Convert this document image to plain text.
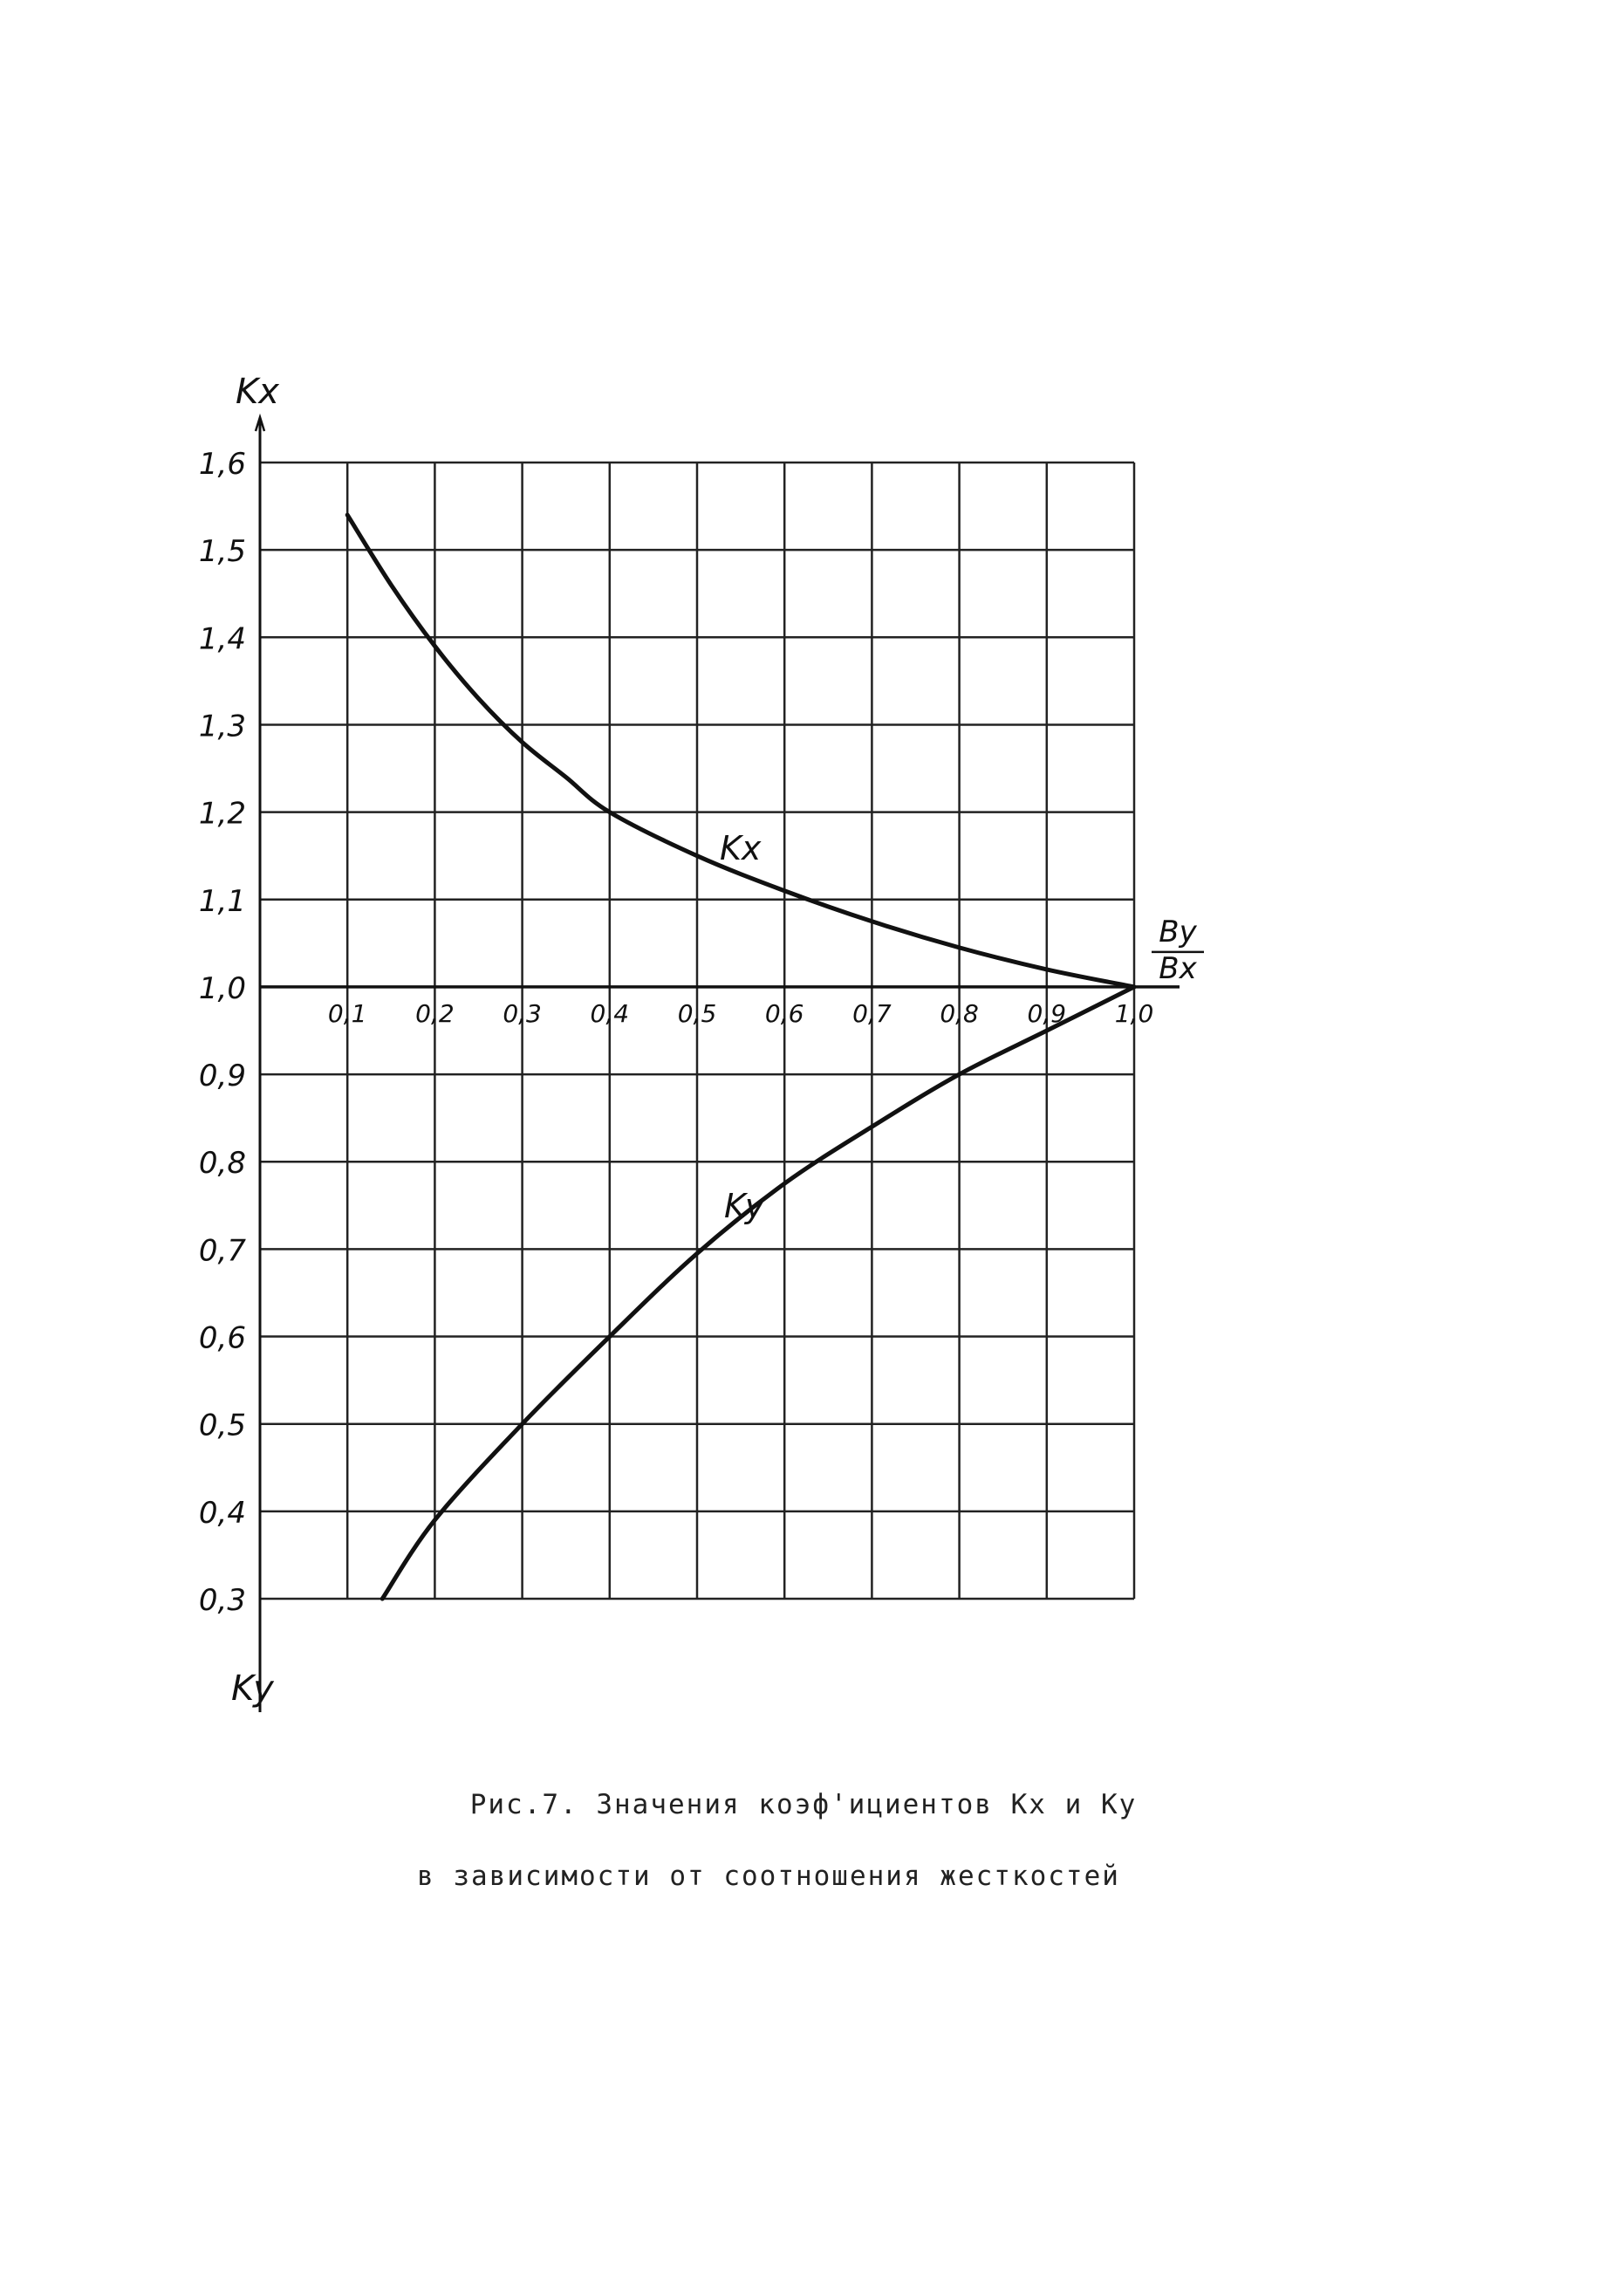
1,6
1,5
1,4
1,3
1,2
1,1
1,0
0,9
0,8
0,7
0,6
0,5
0,4
0,3
0,1 0,2 0,3 0,4 0,5 0,6 0,7 0,8 0,9 1,0
Kx
Ky
Kx
Ky
By
Bx
Рис.7. Значения коэф'ициентов Kх и Ку
в зависимости от соотношения жесткостей
